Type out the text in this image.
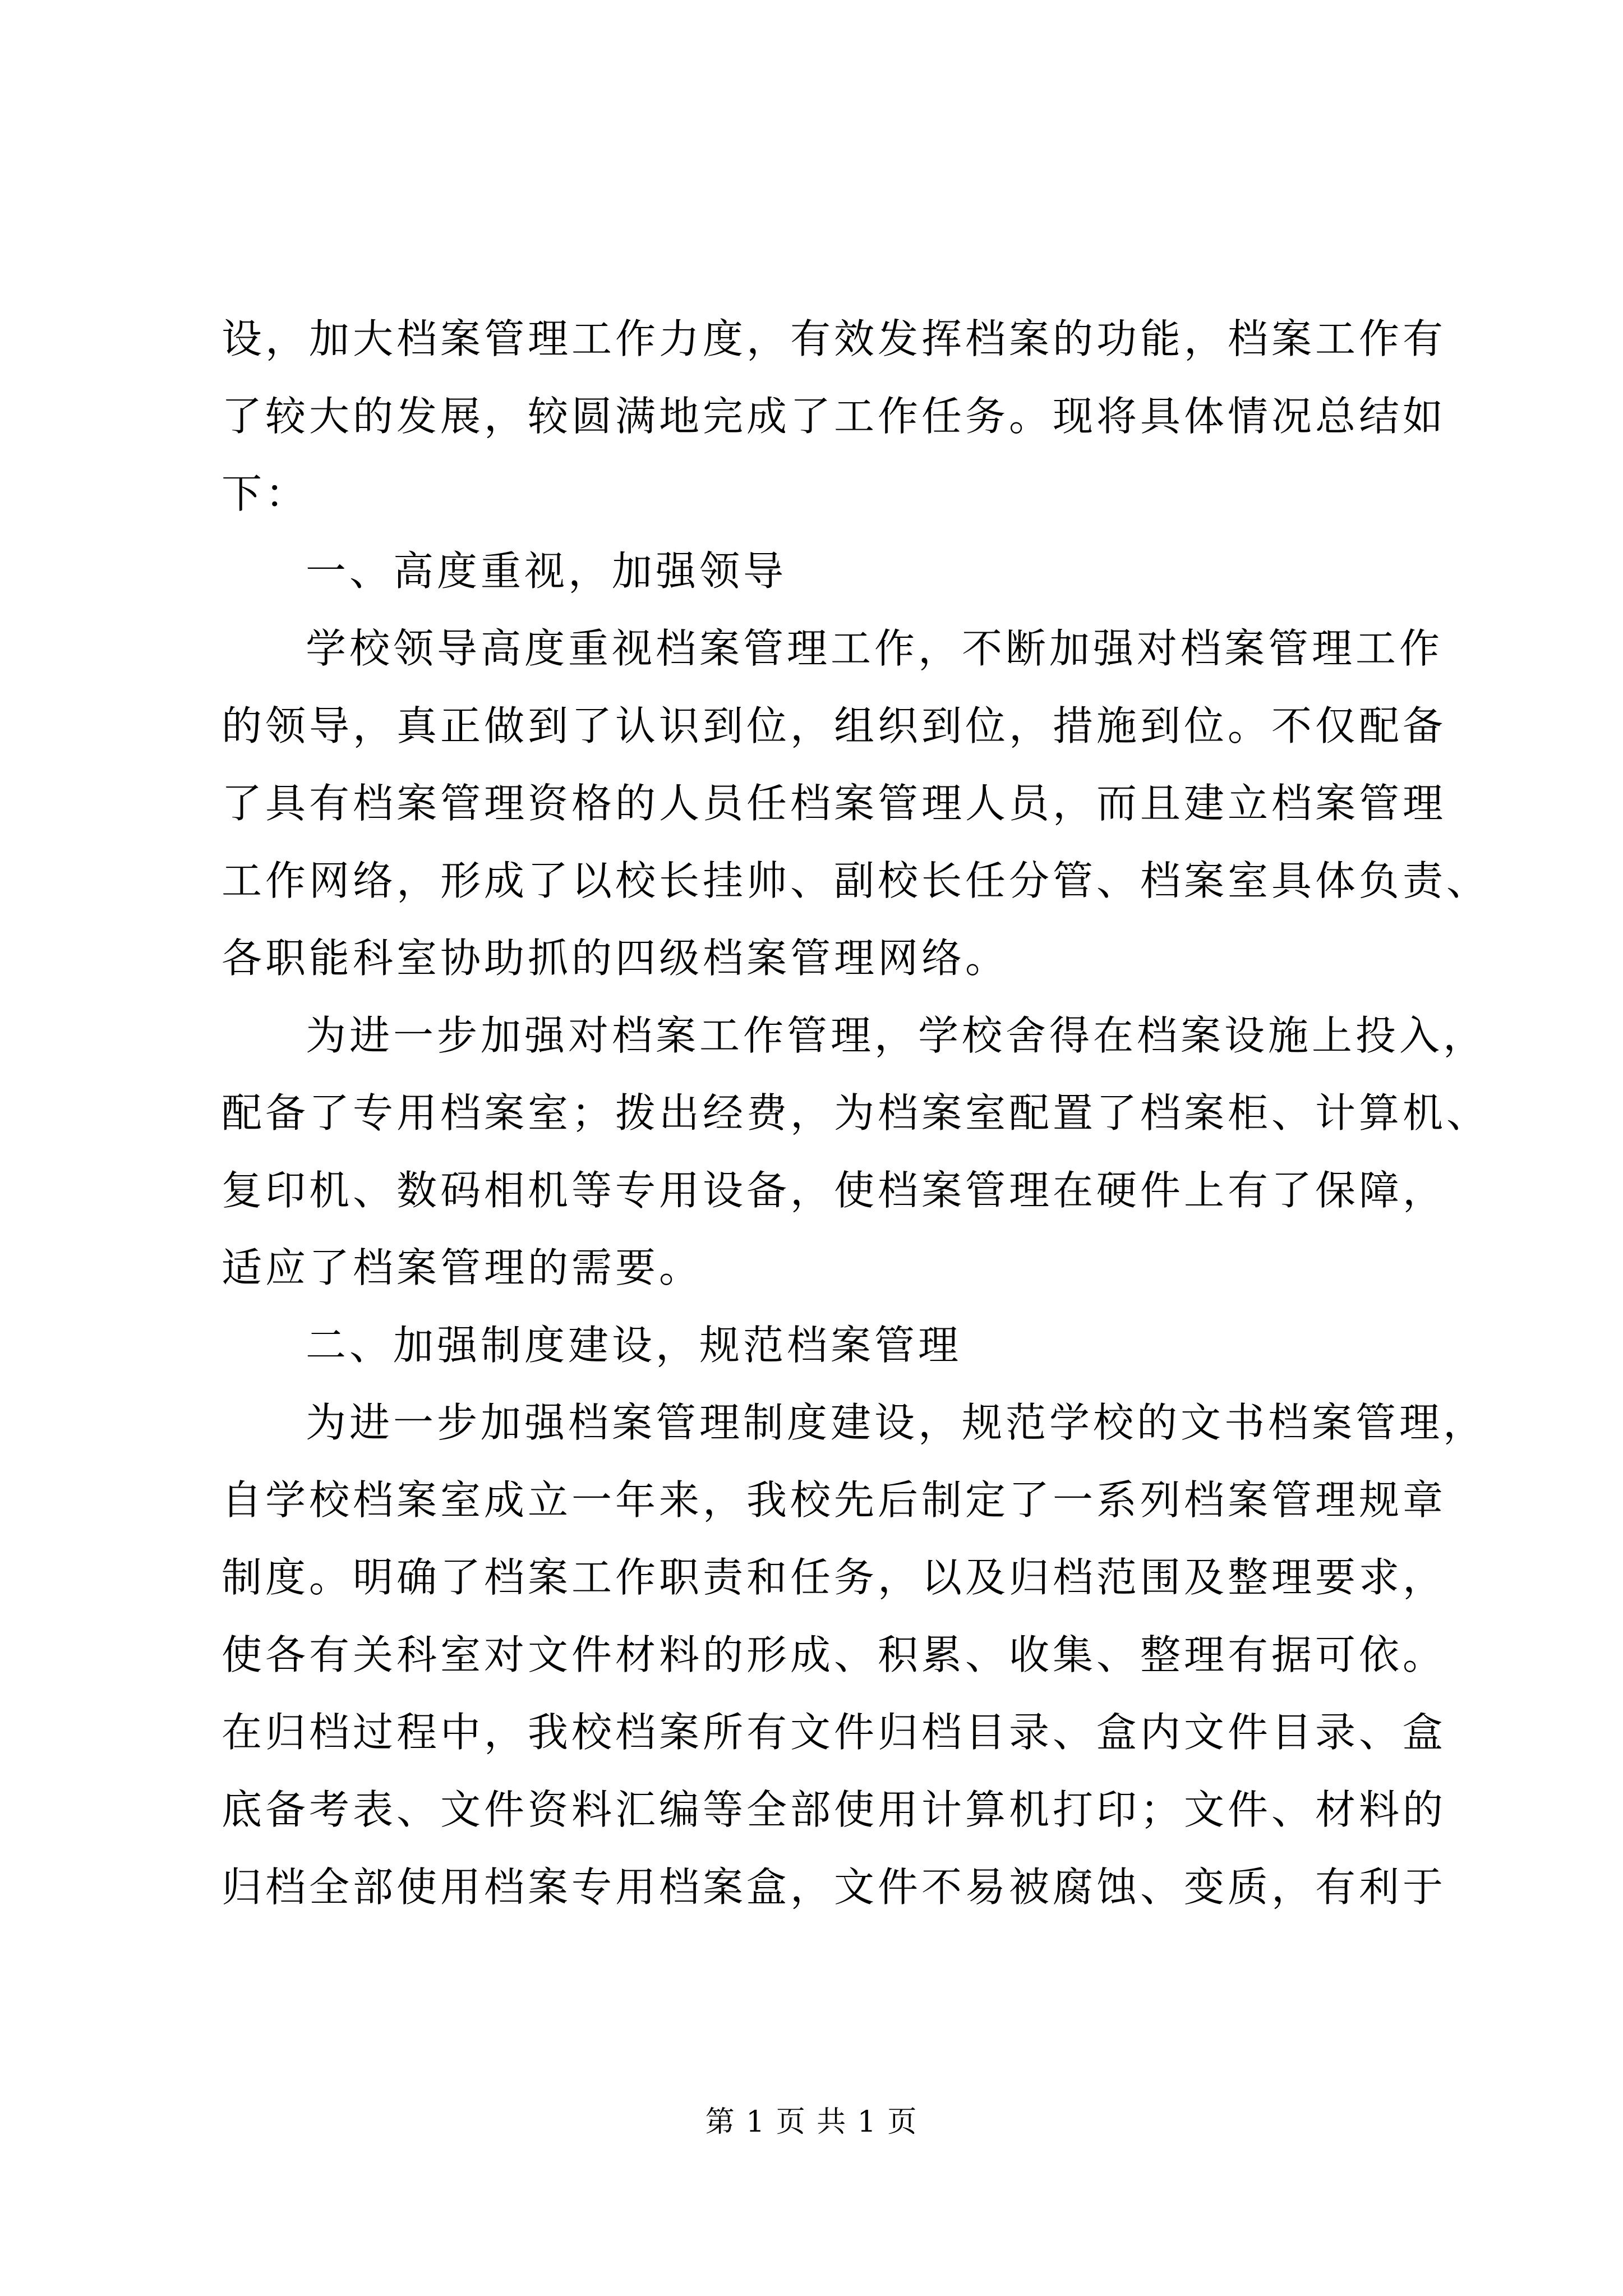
设，加大档案管理工作力度，有效发挥档案的功能，档案工作有
了较大的发展，较圆满地完成了工作任务。现将具体情况总结如
下：
一、高度重视，加强领导
学校领导高度重视档案管理工作，不断加强对档案管理工作
的领导，真正做到了认识到位，组织到位，措施到位。不仅配备
了具有档案管理资格的人员任档案管理人员，而且建立档案管理
工作网络，形成了以校长挂帅、副校长任分管、档案室具体负责、
各职能科室协助抓的四级档案管理网络。
为进一步加强对档案工作管理，学校舍得在档案设施上投入，
配备了专用档案室；拨出经费，为档案室配置了档案柜、计算机、
复印机、数码相机等专用设备，使档案管理在硬件上有了保障，
适应了档案管理的需要。
二、加强制度建设，规范档案管理
为进一步加强档案管理制度建设，规范学校的文书档案管理，
自学校档案室成立一年来，我校先后制定了一系列档案管理规章
制度。明确了档案工作职责和任务，以及归档范围及整理要求，
使各有关科室对文件材料的形成、积累、收集、整理有据可依。
在归档过程中，我校档案所有文件归档目录、盒内文件目录、盒
底备考表、文件资料汇编等全部使用计算机打印；文件、材料的
归档全部使用档案专用档案盒，文件不易被腐蚀、变质，有利于
第 1 页 共 1 页
